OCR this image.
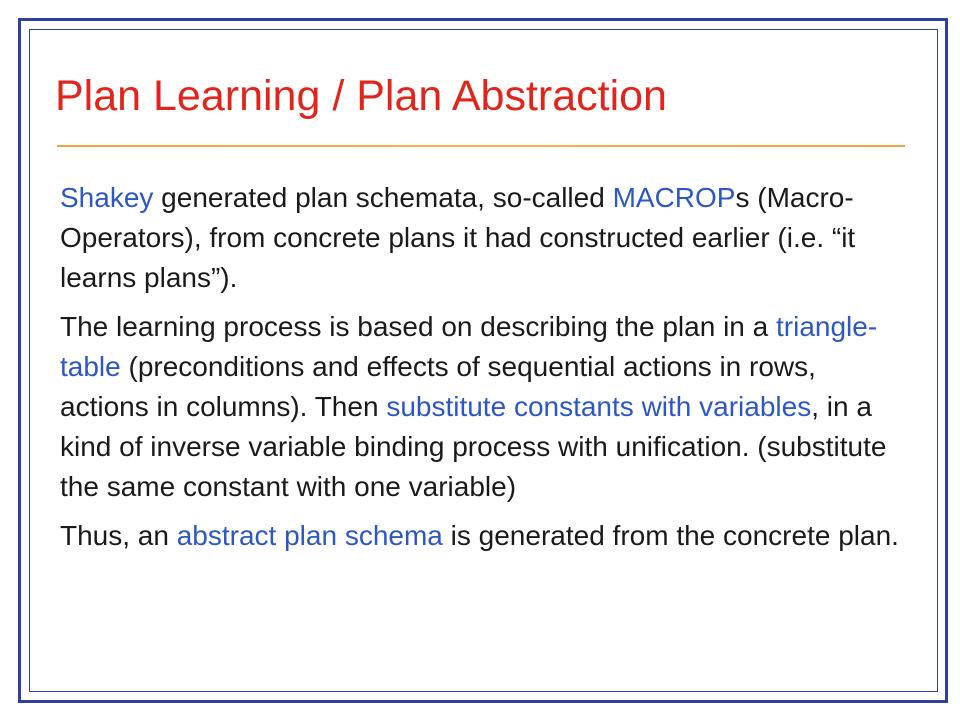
Plan Learning / Plan Abstraction

Shakey generated plan schemata, so-called MACROPs (Macro-Operators), from concrete plans it had constructed earlier (i.e. “it learns plans”).

The learning process is based on describing the plan in a triangle-table (preconditions and effects of sequential actions in rows, actions in columns). Then substitute constants with variables, in a kind of inverse variable binding process with unification. (substitute the same constant with one variable)

Thus, an abstract plan schema is generated from the concrete plan.
